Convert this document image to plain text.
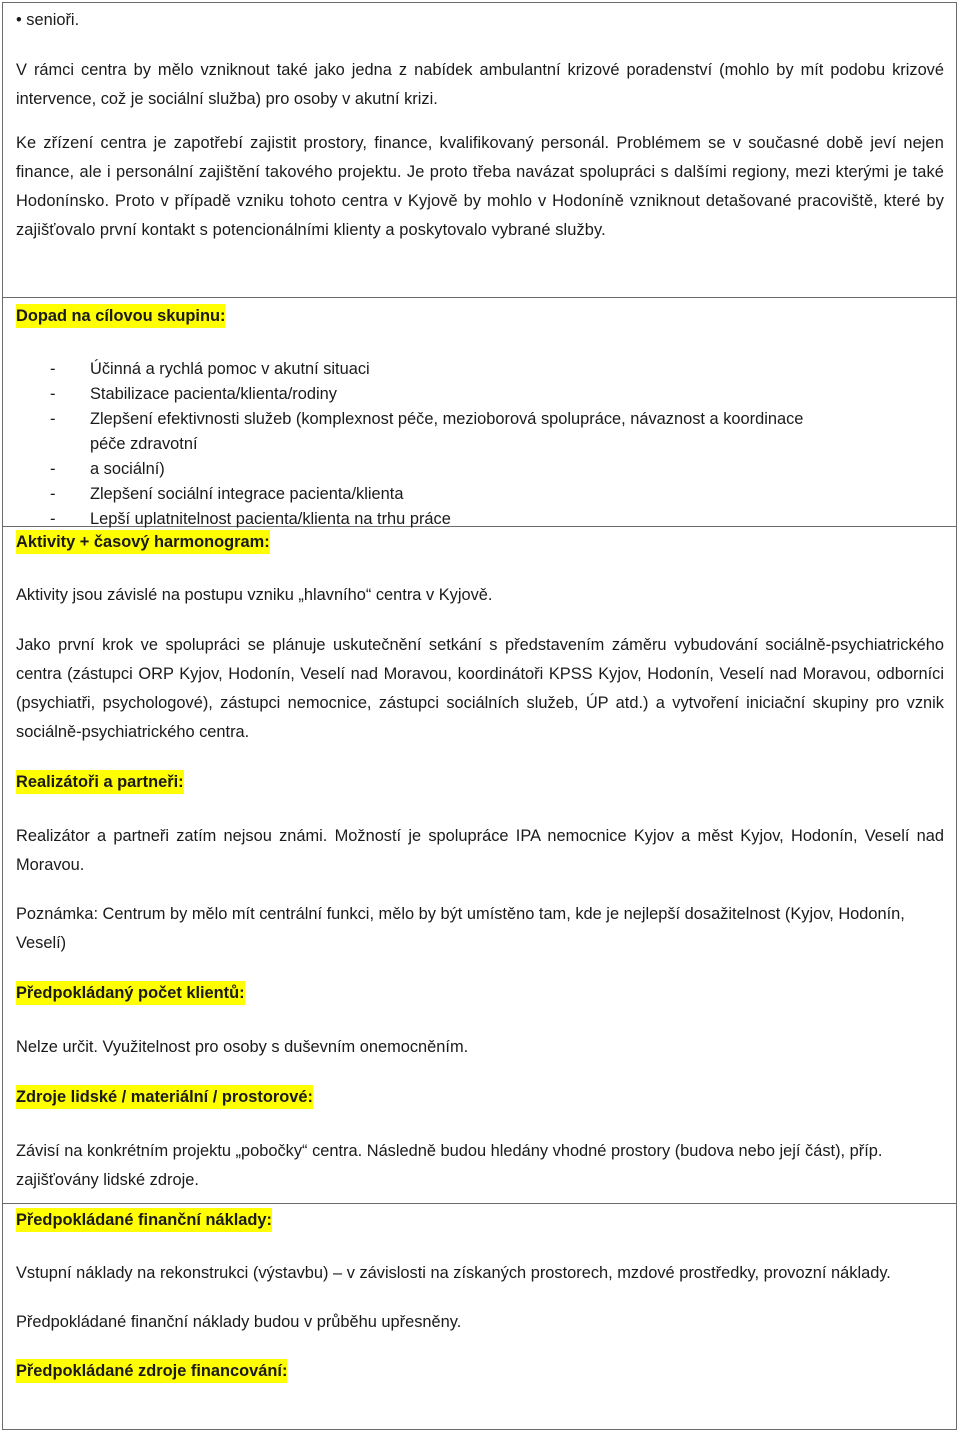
• senioři.

V rámci centra by mělo vzniknout také jako jedna z nabídek ambulantní krizové poradenství (mohlo by mít podobu krizové intervence, což je sociální služba) pro osoby v akutní krizi.

Ke zřízení centra je zapotřebí zajistit prostory, finance, kvalifikovaný personál. Problémem se v současné době jeví nejen finance, ale i personální zajištění takového projektu. Je proto třeba navázat spolupráci s dalšími regiony, mezi kterými je také Hodonínsko. Proto v případě vzniku tohoto centra v Kyjově by mohlo v Hodoníně vzniknout detašované pracoviště, které by zajišťovalo první kontakt s potencionálními klienty a poskytovalo vybrané služby.

Dopad na cílovou skupinu:
-	Účinná a rychlá pomoc v akutní situaci
-	Stabilizace pacienta/klienta/rodiny
-	Zlepšení efektivnosti služeb (komplexnost péče, mezioborová spolupráce, návaznost a koordinace
péče zdravotní
-	a sociální)
-	Zlepšení sociální integrace pacienta/klienta
-	Lepší uplatnitelnost pacienta/klienta na trhu práce
Aktivity + časový harmonogram:

Aktivity jsou závislé na postupu vzniku „hlavního“ centra v Kyjově.

Jako první krok ve spolupráci se plánuje uskutečnění setkání s představením záměru vybudování sociálně-psychiatrického centra (zástupci ORP Kyjov, Hodonín, Veselí nad Moravou, koordinátoři KPSS Kyjov, Hodonín, Veselí nad Moravou, odborníci (psychiatři, psychologové), zástupci nemocnice, zástupci sociálních služeb, ÚP atd.) a vytvoření iniciační skupiny pro vznik sociálně-psychiatrického centra.

Realizátoři a partneři:

Realizátor a partneři zatím nejsou známi. Možností je spolupráce IPA nemocnice Kyjov a měst Kyjov, Hodonín, Veselí nad Moravou.

Poznámka: Centrum by mělo mít centrální funkci, mělo by být umístěno tam, kde je nejlepší dosažitelnost (Kyjov, Hodonín, Veselí)

Předpokládaný počet klientů:

Nelze určit. Využitelnost pro osoby s duševním onemocněním.

Zdroje lidské / materiální / prostorové:

Závisí na konkrétním projektu „pobočky“ centra. Následně budou hledány vhodné prostory (budova nebo její část), příp. zajišťovány lidské zdroje.

Předpokládané finanční náklady:

Vstupní náklady na rekonstrukci (výstavbu) – v závislosti na získaných prostorech, mzdové prostředky, provozní náklady.

Předpokládané finanční náklady budou v průběhu upřesněny.

Předpokládané zdroje financování:
